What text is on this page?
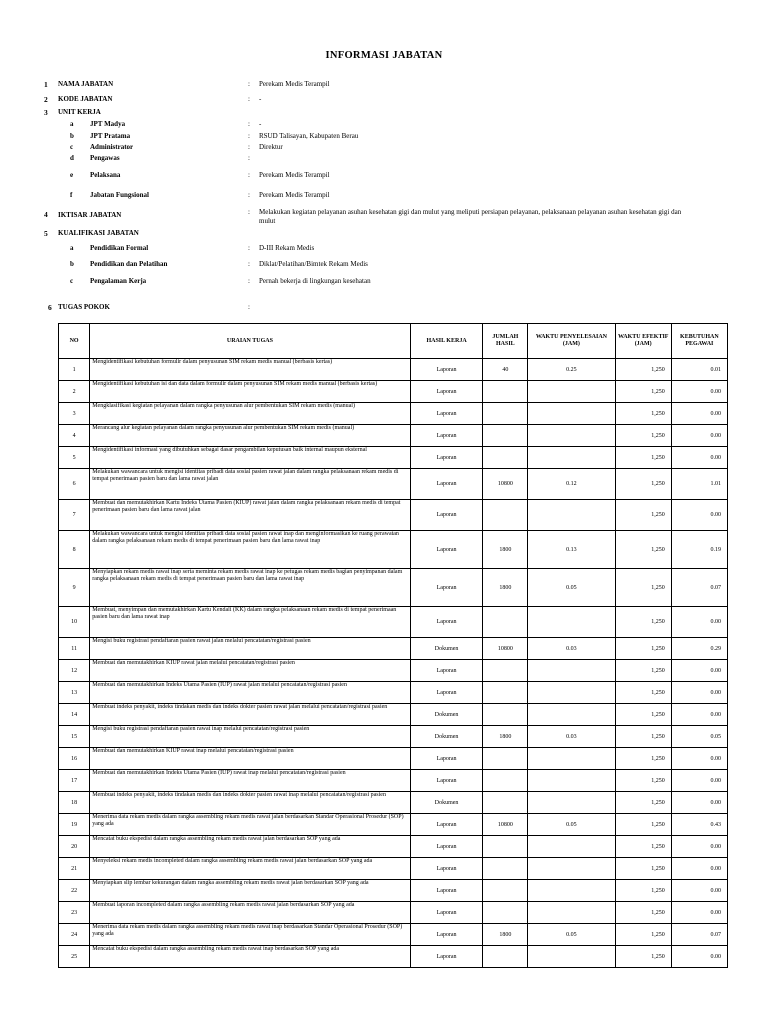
INFORMASI JABATAN
1	NAMA JABATAN	: Perekam Medis Terampil
2	KODE JABATAN	: -
3	UNIT KERJA
a	JPT Madya	: -
b	JPT Pratama	: RSUD Talisayan, Kabupaten Berau
c	Administrator	: Direktur
d	Pengawas	:
e	Pelaksana	: Perekam Medis Terampil
f	Jabatan Fungsional	: Perekam Medis Terampil
4	IKTISAR JABATAN	: Melakukan kegiatan pelayanan asuhan kesehatan gigi dan mulut yang meliputi persiapan pelayanan, pelaksanaan pelayanan asuhan kesehatan gigi dan mulut
5	KUALIFIKASI JABATAN
a	Pendidikan Formal	: D-III Rekam Medis
b	Pendidikan dan Pelatihan	: Diklat/Pelatihan/Bimtek Rekam Medis
c	Pengalaman Kerja	: Pernah bekerja di lingkungan kesehatan
6 TUGAS POKOK	:
NO	URAIAN TUGAS	HASIL KERJA	JUMLAH HASIL	WAKTU PENYELESAIAN (JAM)	WAKTU EFEKTIF (JAM)	KEBUTUHAN PEGAWAI
1	Mengidentifikasi kebutuhan formulir dalam penyusunan SIM rekam medis manual (berbasis kertas)	Laporan	40	0.25	1,250	0.01
2	Mengidentifikasi kebutuhan isi dan data dalam formulir dalam penyusunan SIM rekam medis manual (berbasis kertas)	Laporan			1,250	0.00
3	Mengklasifikasi kegiatan pelayanan dalam rangka penyusunan alur pembentukan SIM rekam medis (manual)	Laporan			1,250	0.00
4	Merancang alur kegiatan pelayanan dalam rangka penyusunan alur pembentukan SIM rekam medis (manual)	Laporan			1,250	0.00
5	Mengidentifikasi informasi yang dibutuhkan sebagai dasar pengambilan keputusan baik internal maupun eksternal	Laporan			1,250	0.00
6	Melakukan wawancara untuk mengisi identitas pribadi data sosial pasien rawat jalan dalam rangka pelaksanaan rekam medis di tempat penerimaan pasien baru dan lama rawat jalan	Laporan	10800	0.12	1,250	1.01
7	Membuat dan memutakhirkan Kartu Indeks Utama Pasien (KIUP) rawat jalan dalam rangka pelaksanaan rekam medis di tempat penerimaan pasien baru dan lama rawat jalan	Laporan			1,250	0.00
8	Melakukan wawancara untuk mengisi identitas pribadi data sosial pasien rawat inap dan menginformasikan ke ruang perawatan dalam rangka pelaksanaan rekam medis di tempat penerimaan pasien baru dan lama rawat inap	Laporan	1800	0.13	1,250	0.19
9	Menyiapkan rekam medis rawat inap serta meminta rekam medis rawat inap ke petugas rekam medis bagian penyimpanan dalam rangka pelaksanaan rekam medis di tempat penerimaan pasien baru dan lama rawat inap	Laporan	1800	0.05	1,250	0.07
10	Membuat, menyimpan dan memutakhirkan Kartu Kendali (KK) dalam rangka pelaksanaan rekam medis di tempat penerimaan pasien baru dan lama rawat inap	Laporan			1,250	0.00
11	Mengisi buku registrasi pendaftaran pasien rawat jalan melalui pencatatan/registrasi pasien	Dokumen	10800	0.03	1,250	0.29
12	Membuat dan memutakhirkan KIUP rawat jalan melalui pencatatan/registrasi pasien	Laporan			1,250	0.00
13	Membuat dan memutakhirkan Indeks Utama Pasien (IUP) rawat jalan melalui pencatatan/registrasi pasien	Laporan			1,250	0.00
14	Membuat indeks penyakit, indeks tindakan medis dan indeks dokter pasien rawat jalan melalui pencatatan/registrasi pasien	Dokumen			1,250	0.00
15	Mengisi buku registrasi pendaftaran pasien rawat inap melalui pencatatan/registrasi pasien	Dokumen	1800	0.03	1,250	0.05
16	Membuat dan memutakhirkan KIUP rawat inap melalui pencatatan/registrasi pasien	Laporan			1,250	0.00
17	Membuat dan memutakhirkan Indeks Utama Pasien (IUP) rawat inap melalui pencatatan/registrasi pasien	Laporan			1,250	0.00
18	Membuat indeks penyakit, indeks tindakan medis dan indeks dokter pasien rawat inap melalui pencatatan/registrasi pasien	Dokumen			1,250	0.00
19	Menerima data rekam medis dalam rangka assembling rekam medis rawat jalan berdasarkan Standar Operasional Prosedur (SOP) yang ada	Laporan	10800	0.05	1,250	0.43
20	Mencatat buku ekspedisi dalam rangka assembling rekam medis rawat jalan berdasarkan SOP yang ada	Laporan			1,250	0.00
21	Menyeleksi rekam medis incompleted dalam rangka assembling rekam medis rawat jalan berdasarkan SOP yang ada	Laporan			1,250	0.00
22	Menyiapkan slip lembar kekurangan dalam rangka assembling rekam medis rawat jalan berdasarkan SOP yang ada	Laporan			1,250	0.00
23	Membuat laporan incompleted dalam rangka assembling rekam medis rawat jalan berdasarkan SOP yang ada	Laporan			1,250	0.00
24	Menerima data rekam medis dalam rangka assembling rekam medis rawat inap berdasarkan Standar Operasional Prosedur (SOP) yang ada	Laporan	1800	0.05	1,250	0.07
25	Mencatat buku ekspedisi dalam rangka assembling rekam medis rawat inap berdasarkan SOP yang ada	Laporan			1,250	0.00
